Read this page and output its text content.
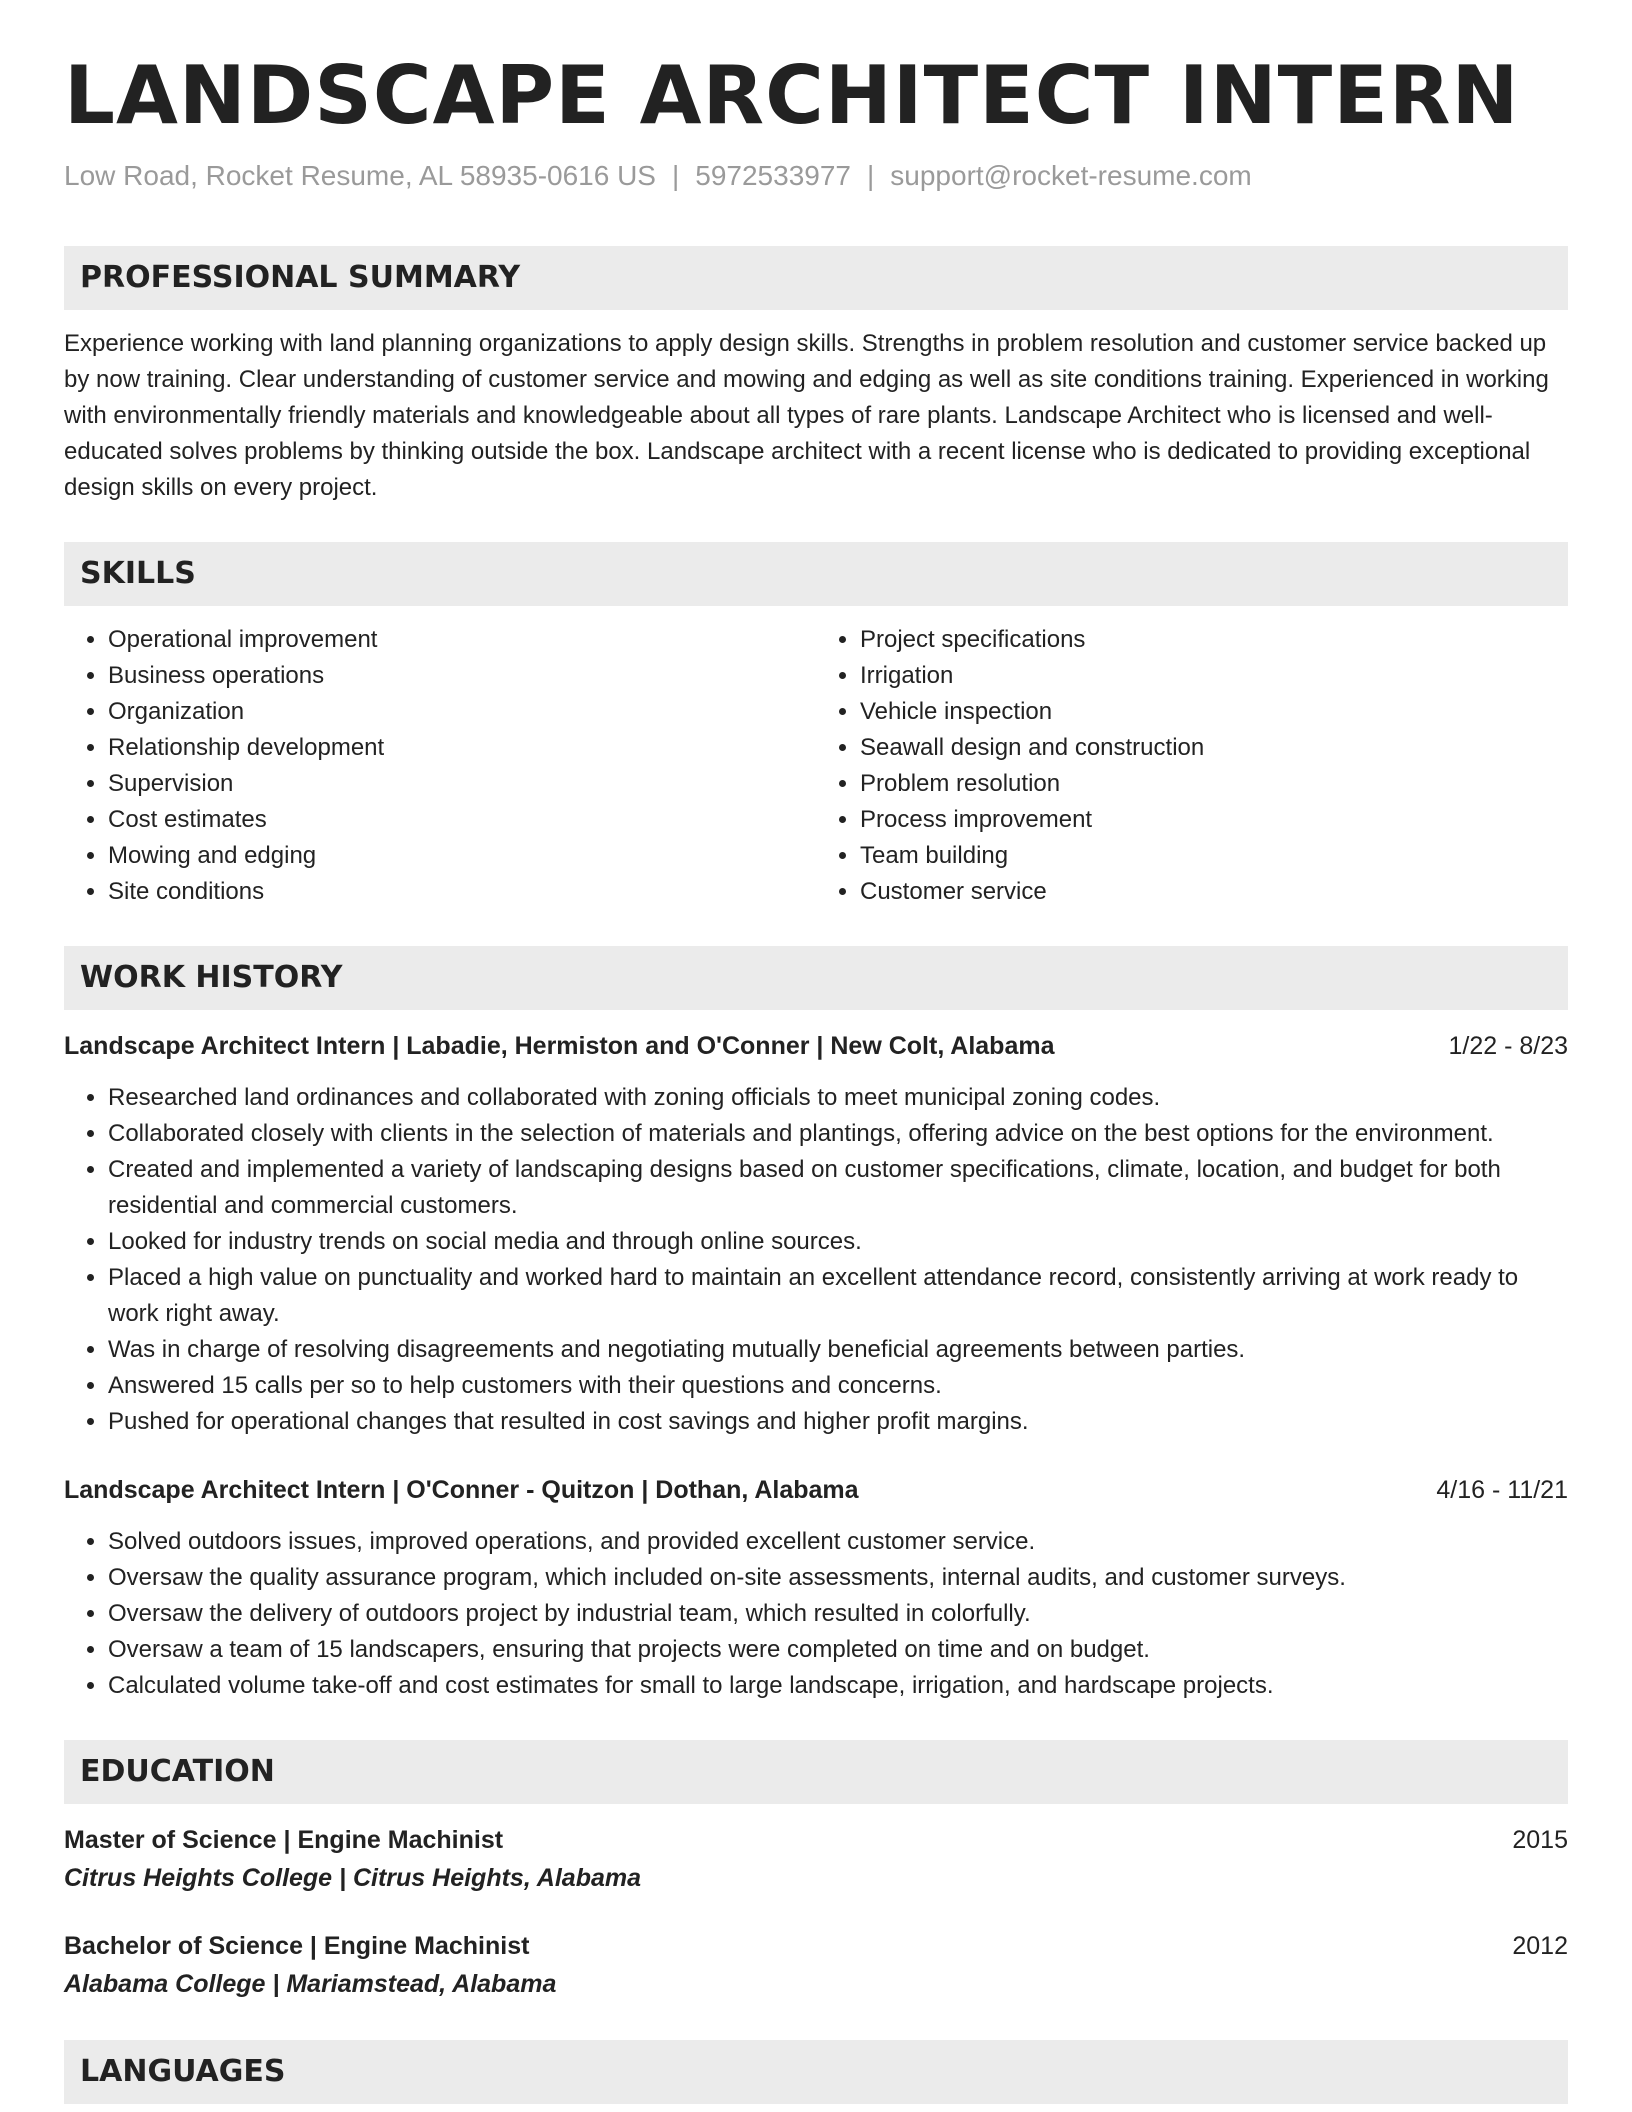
LANDSCAPE ARCHITECT INTERN
Low Road, Rocket Resume, AL 58935-0616 US | 5972533977 | support@rocket-resume.com
PROFESSIONAL SUMMARY

Experience working with land planning organizations to apply design skills. Strengths in problem resolution and customer service backed up by now training. Clear understanding of customer service and mowing and edging as well as site conditions training. Experienced in working with environmentally friendly materials and knowledgeable about all types of rare plants. Landscape Architect who is licensed and well-educated solves problems by thinking outside the box. Landscape architect with a recent license who is dedicated to providing exceptional design skills on every project.

SKILLS
• Operational improvement
• Business operations
• Organization
• Relationship development
• Supervision
• Cost estimates
• Mowing and edging
• Site conditions
• Project specifications
• Irrigation
• Vehicle inspection
• Seawall design and construction
• Problem resolution
• Process improvement
• Team building
• Customer service
WORK HISTORY
Landscape Architect Intern | Labadie, Hermiston and O'Conner | New Colt, Alabama	1/22 - 8/23
• Researched land ordinances and collaborated with zoning officials to meet municipal zoning codes.
• Collaborated closely with clients in the selection of materials and plantings, offering advice on the best options for the environment.
• Created and implemented a variety of landscaping designs based on customer specifications, climate, location, and budget for both residential and commercial customers.
• Looked for industry trends on social media and through online sources.
• Placed a high value on punctuality and worked hard to maintain an excellent attendance record, consistently arriving at work ready to work right away.
• Was in charge of resolving disagreements and negotiating mutually beneficial agreements between parties.
• Answered 15 calls per so to help customers with their questions and concerns.
• Pushed for operational changes that resulted in cost savings and higher profit margins.
Landscape Architect Intern | O'Conner - Quitzon | Dothan, Alabama	4/16 - 11/21
• Solved outdoors issues, improved operations, and provided excellent customer service.
• Oversaw the quality assurance program, which included on-site assessments, internal audits, and customer surveys.
• Oversaw the delivery of outdoors project by industrial team, which resulted in colorfully.
• Oversaw a team of 15 landscapers, ensuring that projects were completed on time and on budget.
• Calculated volume take-off and cost estimates for small to large landscape, irrigation, and hardscape projects.
EDUCATION
Master of Science | Engine Machinist	2015
Citrus Heights College | Citrus Heights, Alabama
Bachelor of Science | Engine Machinist	2012
Alabama College | Mariamstead, Alabama
LANGUAGES
